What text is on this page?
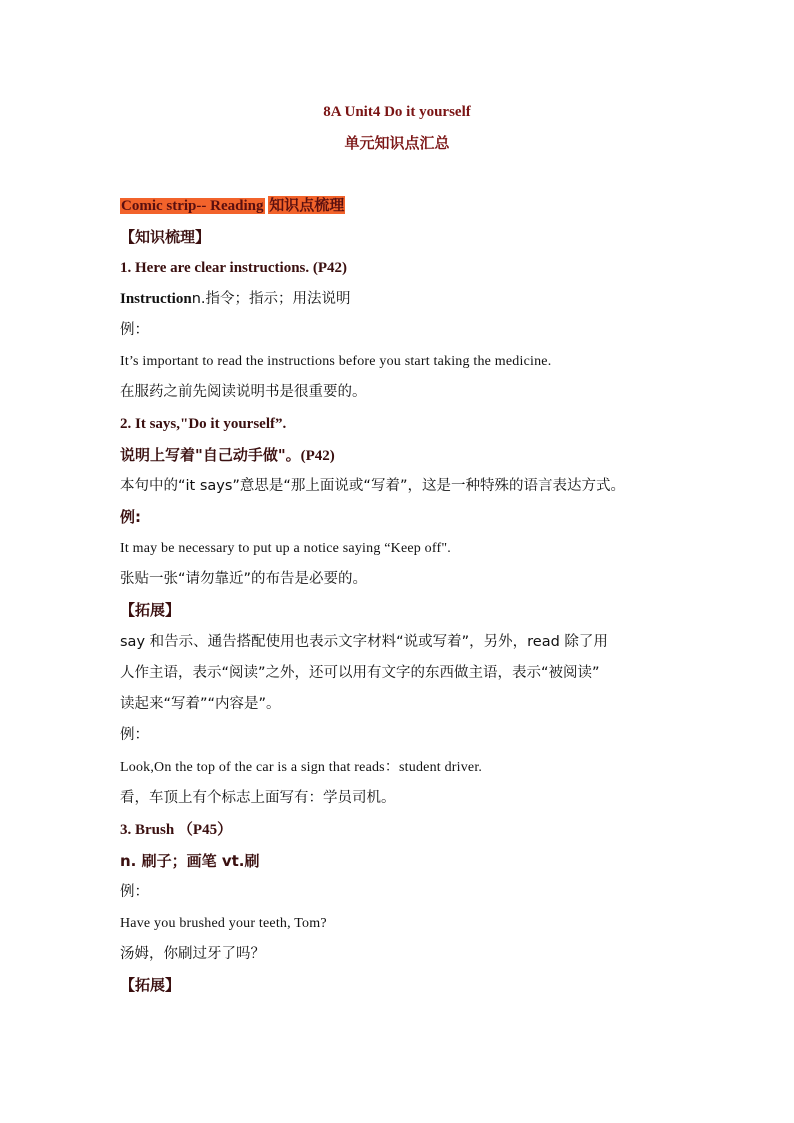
8A Unit4 Do it yourself
单元知识点汇总
Comic strip-- Reading 知识点梳理
【知识梳理】
1. Here are clear instructions. (P42)
Instructionn.指令；指示；用法说明
例：
It’s important to read the instructions before you start taking the medicine.
在服药之前先阅读说明书是很重要的。
2. It says,"Do it yourself”.
说明上写着"自己动手做"。(P42)
本句中的“it says”意思是“那上面说或“写着”，这是一种特殊的语言表达方式。
例:
It may be necessary to put up a notice saying “Keep off".
张贴一张“请勿靠近”的布告是必要的。
【拓展】
say 和告示、通告搭配使用也表示文字材料“说或写着”，另外，read 除了用
人作主语，表示“阅读”之外，还可以用有文字的东西做主语，表示“被阅读”
读起来“写着”“内容是”。
例：
Look,On the top of the car is a sign that reads：student driver.
看，车顶上有个标志上面写有：学员司机。
3. Brush （P45）
n. 刷子；画笔 vt.刷
例：
Have you brushed your teeth, Tom?
汤姆，你刷过牙了吗？
【拓展】
